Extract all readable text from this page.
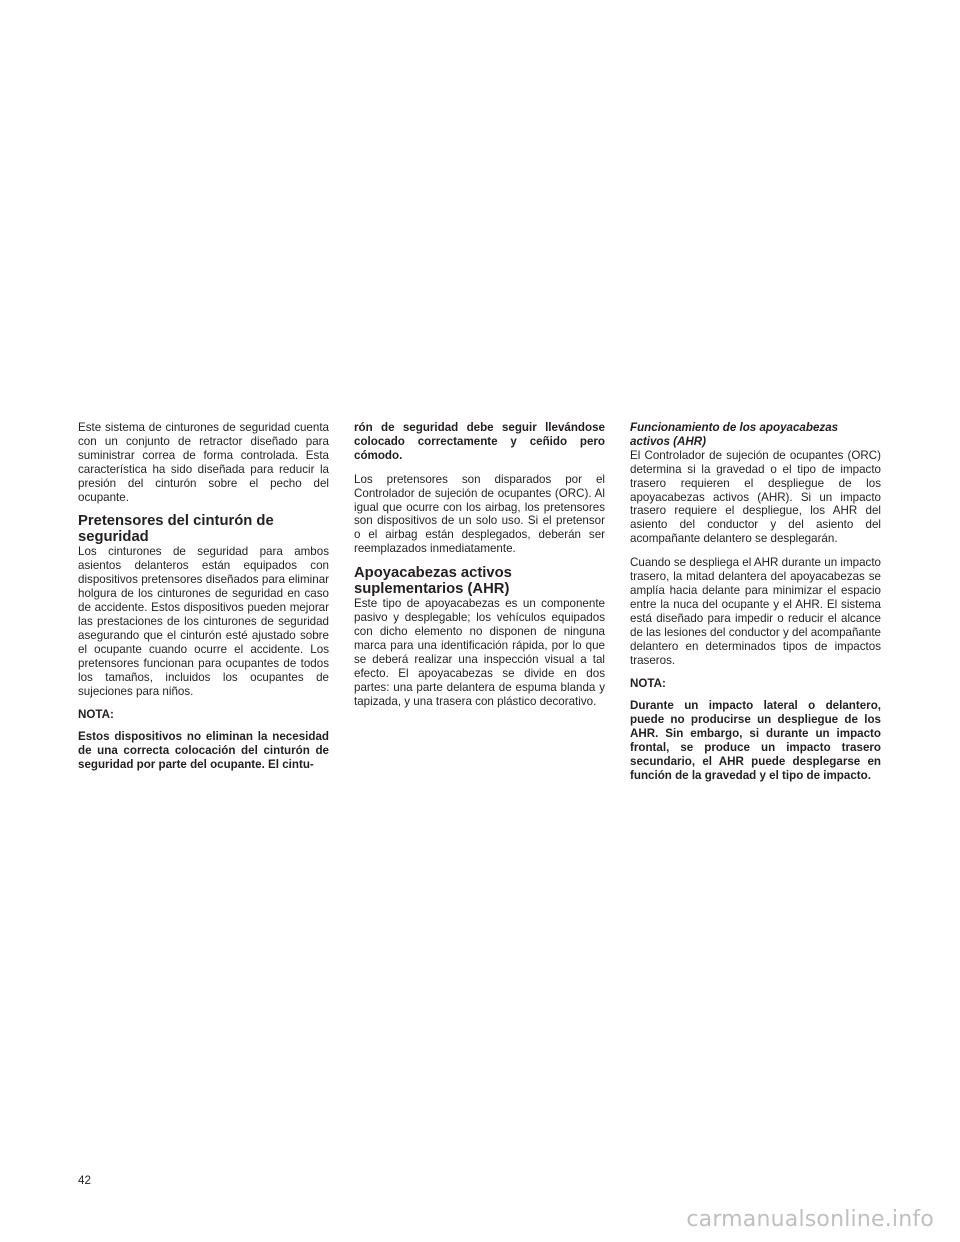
Este sistema de cinturones de seguridad cuenta con un conjunto de retractor diseñado para suministrar correa de forma controlada. Esta característica ha sido diseñada para reducir la presión del cinturón sobre el pecho del ocupante.

Pretensores del cinturón de seguridad

Los cinturones de seguridad para ambos asientos delanteros están equipados con dispositivos pretensores diseñados para eliminar holgura de los cinturones de seguridad en caso de accidente. Estos dispositivos pueden mejorar las prestaciones de los cinturones de seguridad asegurando que el cinturón esté ajustado sobre el ocupante cuando ocurre el accidente. Los pretensores funcionan para ocupantes de todos los tamaños, incluidos los ocupantes de sujeciones para niños.

NOTA:

Estos dispositivos no eliminan la necesidad de una correcta colocación del cinturón de seguridad por parte del ocupante. El cintu-

rón de seguridad debe seguir llevándose colocado correctamente y ceñido pero cómodo.

Los pretensores son disparados por el Controlador de sujeción de ocupantes (ORC). Al igual que ocurre con los airbag, los pretensores son dispositivos de un solo uso. Si el pretensor o el airbag están desplegados, deberán ser reemplazados inmediatamente.

Apoyacabezas activos suplementarios (AHR)

Este tipo de apoyacabezas es un componente pasivo y desplegable; los vehículos equipados con dicho elemento no disponen de ninguna marca para una identificación rápida, por lo que se deberá realizar una inspección visual a tal efecto. El apoyacabezas se divide en dos partes: una parte delantera de espuma blanda y tapizada, y una trasera con plástico decorativo.

Funcionamiento de los apoyacabezas activos (AHR)

El Controlador de sujeción de ocupantes (ORC) determina si la gravedad o el tipo de impacto trasero requieren el despliegue de los apoyacabezas activos (AHR). Si un impacto trasero requiere el despliegue, los AHR del asiento del conductor y del asiento del acompañante delantero se desplegarán.

Cuando se despliega el AHR durante un impacto trasero, la mitad delantera del apoyacabezas se amplía hacia delante para minimizar el espacio entre la nuca del ocupante y el AHR. El sistema está diseñado para impedir o reducir el alcance de las lesiones del conductor y del acompañante delantero en determinados tipos de impactos traseros.

NOTA:

Durante un impacto lateral o delantero, puede no producirse un despliegue de los AHR. Sin embargo, si durante un impacto frontal, se produce un impacto trasero secundario, el AHR puede desplegarse en función de la gravedad y el tipo de impacto.

42
carmanualsonline.info
